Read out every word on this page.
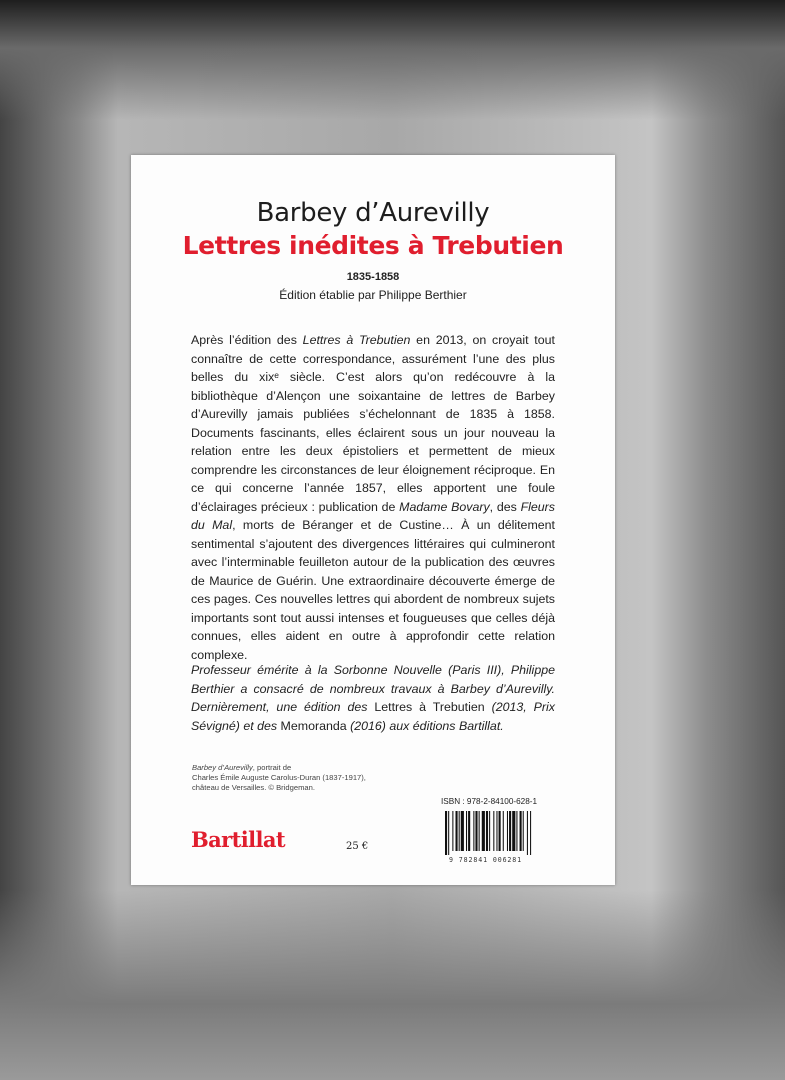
Barbey d’Aurevilly
Lettres inédites à Trebutien
1835-1858
Édition établie par Philippe Berthier

Après l’édition des Lettres à Trebutien en 2013, on croyait tout connaître de cette correspondance, assurément l’une des plus belles du xixᵉ siècle. C’est alors qu’on redécouvre à la bibliothèque d’Alençon une soixantaine de lettres de Barbey d’Aurevilly jamais publiées s’échelonnant de 1835 à 1858. Documents fascinants, elles éclairent sous un jour nouveau la relation entre les deux épistoliers et permettent de mieux comprendre les circonstances de leur éloignement réciproque. En ce qui concerne l’année 1857, elles apportent une foule d’éclairages précieux : publication de Madame Bovary, des Fleurs du Mal, morts de Béranger et de Custine… À un délitement sentimental s’ajoutent des divergences littéraires qui culmineront avec l’interminable feuilleton autour de la publication des œuvres de Maurice de Guérin. Une extraordinaire découverte émerge de ces pages. Ces nouvelles lettres qui abordent de nombreux sujets importants sont tout aussi intenses et fougueuses que celles déjà connues, elles aident en outre à approfondir cette relation complexe.

Professeur émérite à la Sorbonne Nouvelle (Paris III), Philippe Berthier a consacré de nombreux travaux à Barbey d’Aurevilly. Dernièrement, une édition des Lettres à Trebutien (2013, Prix Sévigné) et des Memoranda (2016) aux éditions Bartillat.

Barbey d’Aurevilly, portrait de
Charles Émile Auguste Carolus-Duran (1837-1917),
château de Versailles. © Bridgeman.
ISBN : 978-2-84100-628-1
9 782841 006281
Bartillat	25 €
